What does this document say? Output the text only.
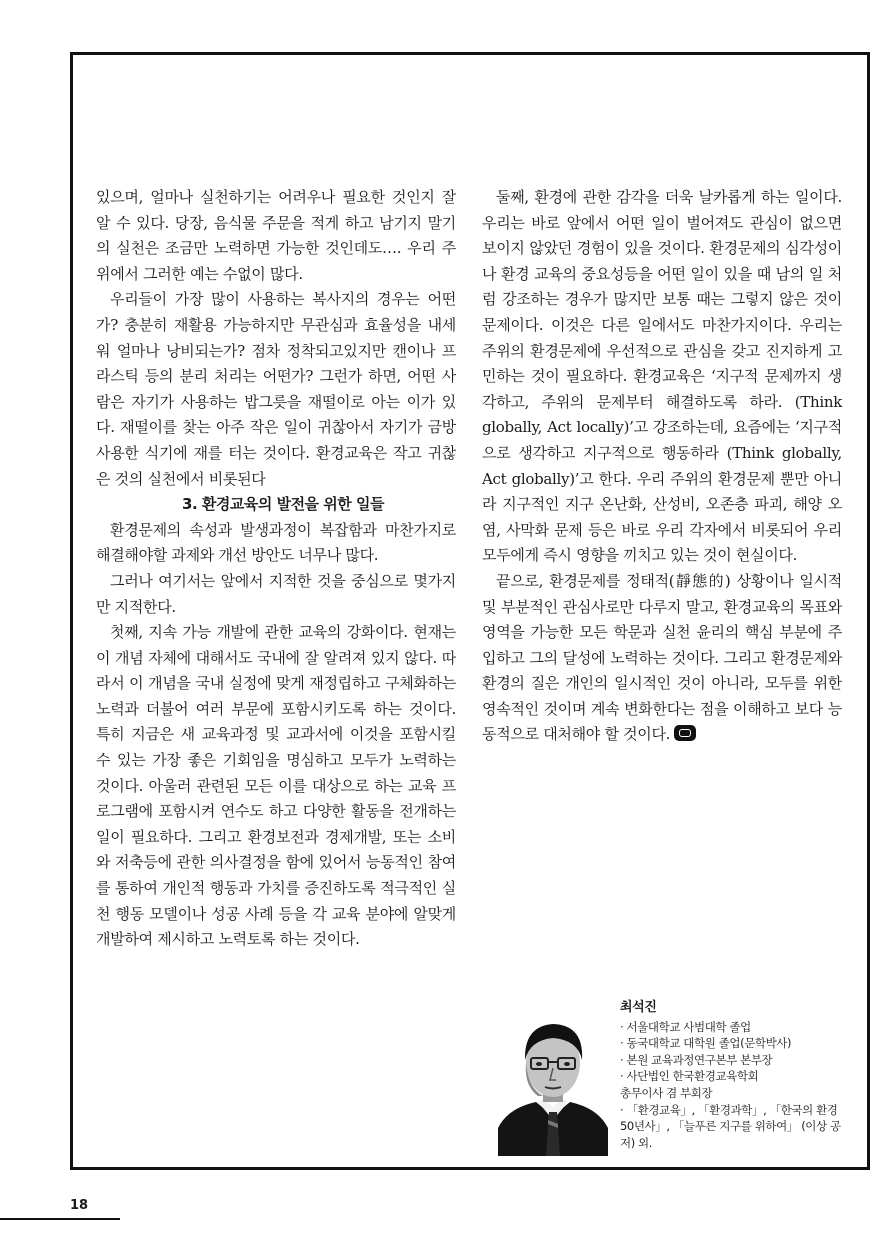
있으며, 얼마나 실천하기는 어려우나 필요한 것인지 잘 알 수 있다. 당장, 음식물 주문을 적게 하고 남기지 말기의 실천은 조금만 노력하면 가능한 것인데도…. 우리 주위에서 그러한 예는 수없이 많다.

우리들이 가장 많이 사용하는 복사지의 경우는 어떤가? 충분히 재활용 가능하지만 무관심과 효율성을 내세워 얼마나 낭비되는가? 점차 정착되고있지만 캔이나 프라스틱 등의 분리 처리는 어떤가? 그런가 하면, 어떤 사람은 자기가 사용하는 밥그릇을 재떨이로 아는 이가 있다. 재떨이를 찾는 아주 작은 일이 귀찮아서 자기가 금방 사용한 식기에 재를 터는 것이다. 환경교육은 작고 귀찮은 것의 실천에서 비롯된다

3. 환경교육의 발전을 위한 일들

환경문제의 속성과 발생과정이 복잡함과 마찬가지로 해결해야할 과제와 개선 방안도 너무나 많다.

그러나 여기서는 앞에서 지적한 것을 중심으로 몇가지만 지적한다.

첫째, 지속 가능 개발에 관한 교육의 강화이다. 현재는 이 개념 자체에 대해서도 국내에 잘 알려져 있지 않다. 따라서 이 개념을 국내 실정에 맞게 재정립하고 구체화하는 노력과 더불어 여러 부문에 포함시키도록 하는 것이다. 특히 지금은 새 교육과정 및 교과서에 이것을 포함시킬 수 있는 가장 좋은 기회임을 명심하고 모두가 노력하는 것이다. 아울러 관련된 모든 이를 대상으로 하는 교육 프로그램에 포함시켜 연수도 하고 다양한 활동을 전개하는 일이 필요하다. 그리고 환경보전과 경제개발, 또는 소비와 저축등에 관한 의사결정을 함에 있어서 능동적인 참여를 통하여 개인적 행동과 가치를 증진하도록 적극적인 실천 행동 모델이나 성공 사례 등을 각 교육 분야에 알맞게 개발하여 제시하고 노력토록 하는 것이다.

둘째, 환경에 관한 감각을 더욱 날카롭게 하는 일이다. 우리는 바로 앞에서 어떤 일이 벌어져도 관심이 없으면 보이지 않았던 경험이 있을 것이다. 환경문제의 심각성이나 환경 교육의 중요성등을 어떤 일이 있을 때 남의 일 처럼 강조하는 경우가 많지만 보통 때는 그렇지 않은 것이 문제이다. 이것은 다른 일에서도 마찬가지이다. 우리는 주위의 환경문제에 우선적으로 관심을 갖고 진지하게 고민하는 것이 필요하다. 환경교육은 ‘지구적 문제까지 생각하고, 주위의 문제부터 해결하도록 하라. (Think globally, Act locally)’고 강조하는데, 요즘에는 ‘지구적으로 생각하고 지구적으로 행동하라 (Think globally, Act globally)’고 한다. 우리 주위의 환경문제 뿐만 아니라 지구적인 지구 온난화, 산성비, 오존층 파괴, 해양 오염, 사막화 문제 등은 바로 우리 각자에서 비롯되어 우리 모두에게 즉시 영향을 끼치고 있는 것이 현실이다.

끝으로, 환경문제를 정태적(靜態的) 상황이나 일시적 및 부분적인 관심사로만 다루지 말고, 환경교육의 목표와 영역을 가능한 모든 학문과 실천 윤리의 핵심 부분에 주입하고 그의 달성에 노력하는 것이다. 그리고 환경문제와 환경의 질은 개인의 일시적인 것이 아니라, 모두를 위한 영속적인 것이며 계속 변화한다는 점을 이해하고 보다 능동적으로 대처해야 할 것이다.

최석진

· 서울대학교 사범대학 졸업

· 동국대학교 대학원 졸업(문학박사)

· 본원 교육과정연구본부 본부장

· 사단법인 한국환경교육학회

총무이사 겸 부회장

· 「환경교육」, 「환경과학」, 「한국의 환경 50년사」, 「늘푸른 지구를 위하여」 (이상 공저) 외.

18
